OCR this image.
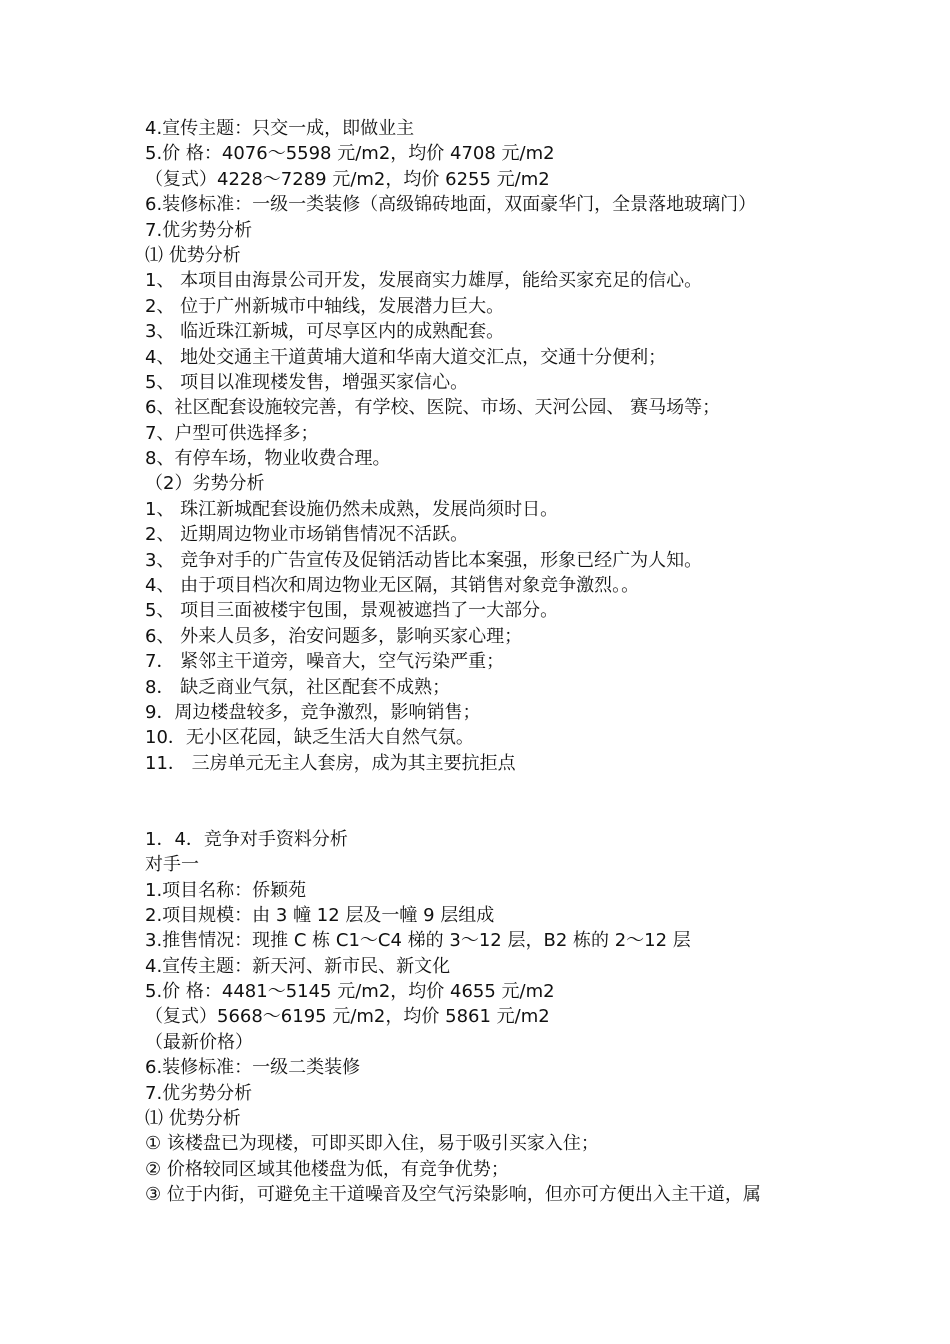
4.宣传主题：只交一成，即做业主
5.价 格：4076～5598 元/m2，均价 4708 元/m2
（复式）4228～7289 元/m2，均价 6255 元/m2
6.装修标准：一级一类装修（高级锦砖地面，双面豪华门，全景落地玻璃门）
7.优劣势分析
⑴ 优势分析
1、 本项目由海景公司开发，发展商实力雄厚，能给买家充足的信心。
2、 位于广州新城市中轴线，发展潜力巨大。
3、 临近珠江新城，可尽享区内的成熟配套。
4、 地处交通主干道黄埔大道和华南大道交汇点，交通十分便利；
5、 项目以准现楼发售，增强买家信心。
6、社区配套设施较完善，有学校、医院、市场、天河公园、 赛马场等；
7、户型可供选择多；
8、有停车场，物业收费合理。
（2）劣势分析
1、 珠江新城配套设施仍然未成熟，发展尚须时日。
2、 近期周边物业市场销售情况不活跃。
3、 竞争对手的广告宣传及促销活动皆比本案强，形象已经广为人知。
4、 由于项目档次和周边物业无区隔，其销售对象竞争激烈。。
5、 项目三面被楼宇包围，景观被遮挡了一大部分。
6、 外来人员多，治安问题多，影响买家心理；
7． 紧邻主干道旁，噪音大，空气污染严重；
8． 缺乏商业气氛，社区配套不成熟；
9．周边楼盘较多，竞争激烈，影响销售；
10．无小区花园，缺乏生活大自然气氛。
11． 三房单元无主人套房，成为其主要抗拒点
1．4．竞争对手资料分析
对手一
1.项目名称：侨颖苑
2.项目规模：由 3 幢 12 层及一幢 9 层组成
3.推售情况：现推 C 栋 C1～C4 梯的 3～12 层，B2 栋的 2～12 层
4.宣传主题：新天河、新市民、新文化
5.价 格：4481～5145 元/m2，均价 4655 元/m2
（复式）5668～6195 元/m2，均价 5861 元/m2
（最新价格）
6.装修标准：一级二类装修
7.优劣势分析
⑴ 优势分析
① 该楼盘已为现楼，可即买即入住，易于吸引买家入住；
② 价格较同区域其他楼盘为低，有竞争优势；
③ 位于内街，可避免主干道噪音及空气污染影响，但亦可方便出入主干道，属
